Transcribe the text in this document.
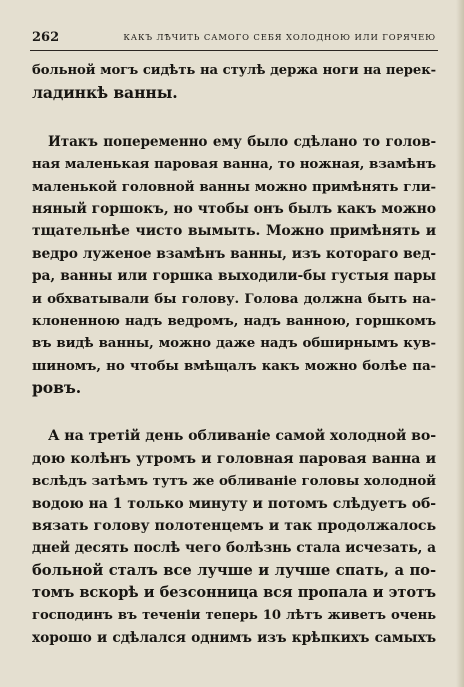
262	КАКЪ ЛѢЧИТЬ САМОГО СЕБЯ ХОЛОДНОЮ ИЛИ ГОРЯЧЕЮ
больной могъ сидѣть на стулѣ держа ноги на перек-
ладинкѣ ванны.
Итакъ попеременно ему было сдѣлано то голов-
ная маленькая паровая ванна, то ножная, взамѣнъ
маленькой головной ванны можно примѣнять гли-
няный горшокъ, но чтобы онъ былъ какъ можно
тщательнѣе чисто вымыть. Можно примѣнять и
ведро луженое взамѣнъ ванны, изъ котораго вед-
ра, ванны или горшка выходили-бы густыя пары
и обхватывали бы голову. Голова должна быть на-
клоненною надъ ведромъ, надъ ванною, горшкомъ
въ видѣ ванны, можно даже надъ обширнымъ кув-
шиномъ, но чтобы вмѣщалъ какъ можно болѣе па-
ровъ.
А на третій день обливаніе самой холодной во-
дою колѣнъ утромъ и головная паровая ванна и
вслѣдъ затѣмъ тутъ же обливаніе головы холодной
водою на 1 только минуту и потомъ слѣдуетъ об-
вязать голову полотенцемъ и так продолжалось
дней десять послѣ чего болѣзнь стала исчезать, а
больной сталъ все лучше и лучше спать, а по-
томъ вскорѣ и безсонница вся пропала и этотъ
господинъ въ теченіи теперь 10 лѣтъ живетъ очень
хорошо и сдѣлался однимъ изъ крѣпкихъ самыхъ
